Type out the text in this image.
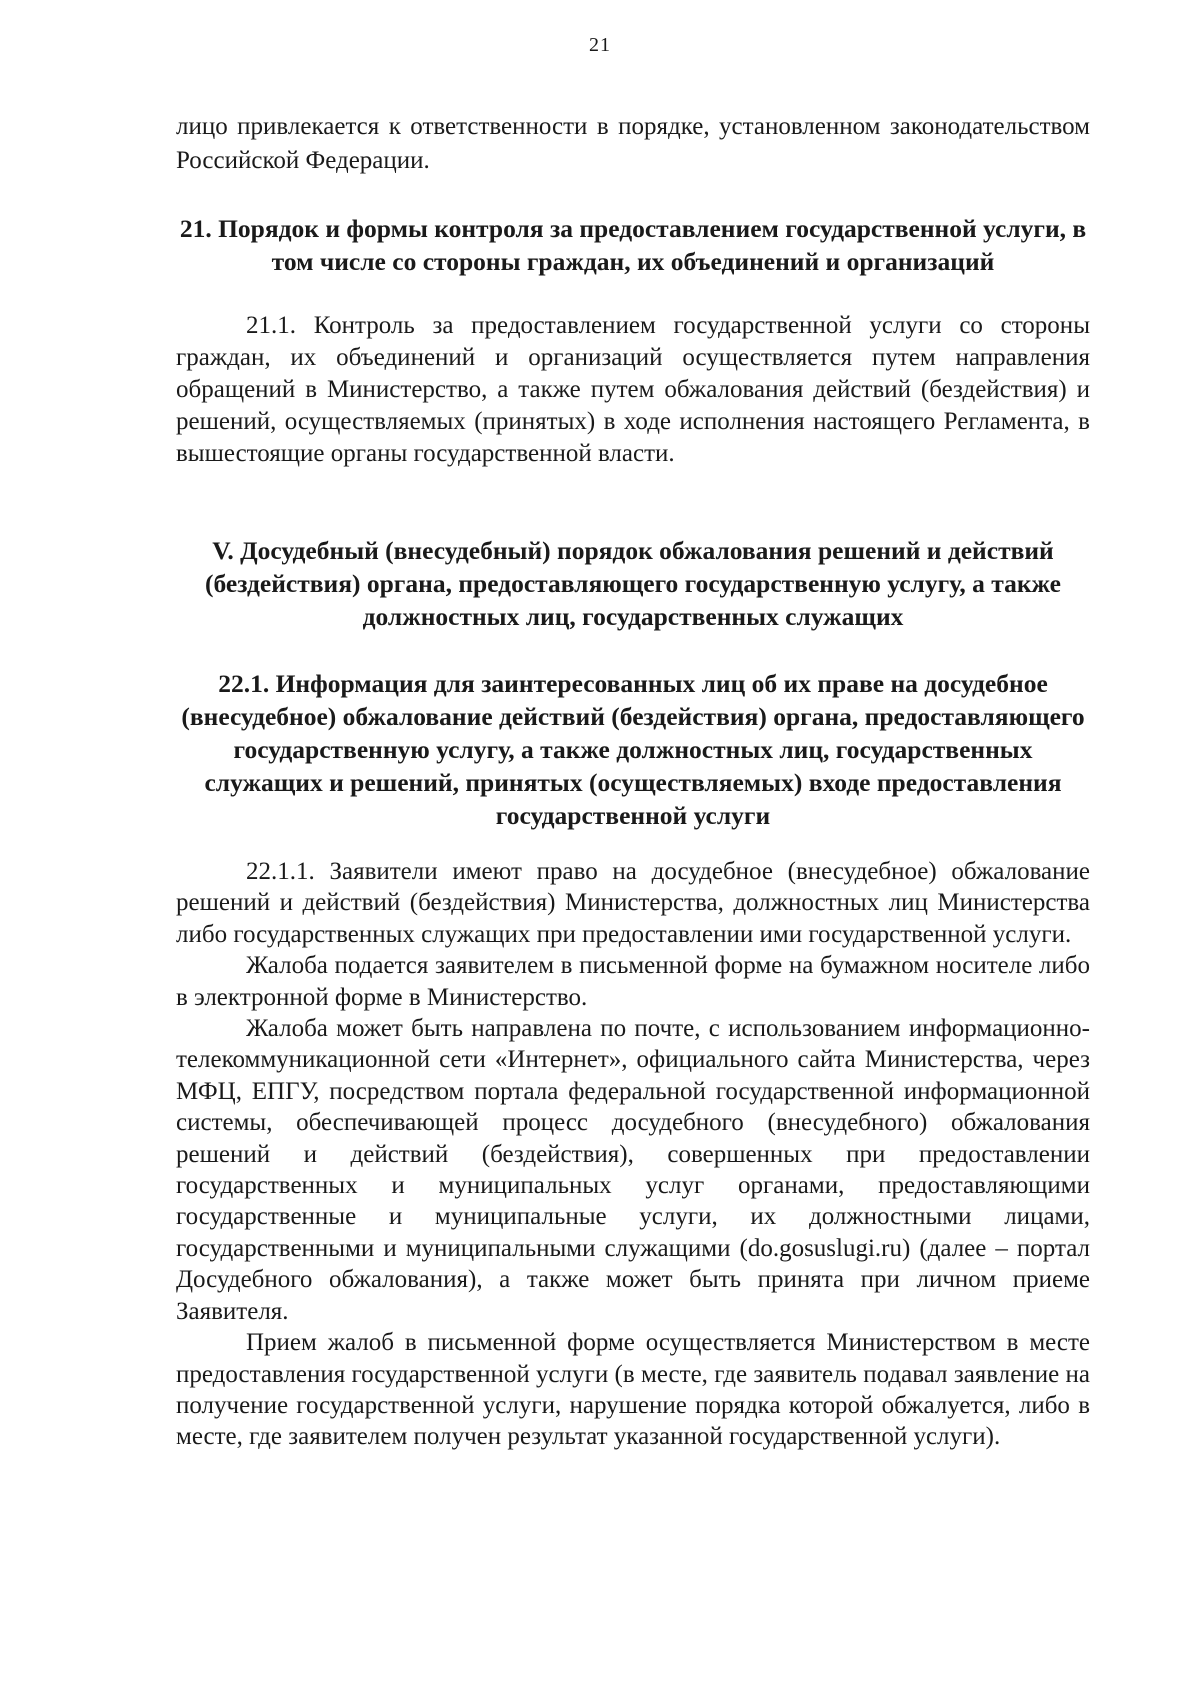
21

лицо привлекается к ответственности в порядке, установленном законодательством Российской Федерации.

21. Порядок и формы контроля за предоставлением государственной услуги, в том числе со стороны граждан, их объединений и организаций

21.1. Контроль за предоставлением государственной услуги со стороны граждан, их объединений и организаций осуществляется путем направления обращений в Министерство, а также путем обжалования действий (бездействия) и решений, осуществляемых (принятых) в ходе исполнения настоящего Регламента, в вышестоящие органы государственной власти.

V. Досудебный (внесудебный) порядок обжалования решений и действий (бездействия) органа, предоставляющего государственную услугу, а также должностных лиц, государственных служащих

22.1. Информация для заинтересованных лиц об их праве на досудебное (внесудебное) обжалование действий (бездействия) органа, предоставляющего государственную услугу, а также должностных лиц, государственных служащих и решений, принятых (осуществляемых) входе предоставления государственной услуги

22.1.1. Заявители имеют право на досудебное (внесудебное) обжалование решений и действий (бездействия) Министерства, должностных лиц Министерства либо государственных служащих при предоставлении ими государственной услуги.

Жалоба подается заявителем в письменной форме на бумажном носителе либо в электронной форме в Министерство.

Жалоба может быть направлена по почте, с использованием информационно-телекоммуникационной сети «Интернет», официального сайта Министерства, через МФЦ, ЕПГУ, посредством портала федеральной государственной информационной системы, обеспечивающей процесс досудебного (внесудебного) обжалования решений и действий (бездействия), совершенных при предоставлении государственных и муниципальных услуг органами, предоставляющими государственные и муниципальные услуги, их должностными лицами, государственными и муниципальными служащими (do.gosuslugi.ru) (далее – портал Досудебного обжалования), а также может быть принята при личном приеме Заявителя.

Прием жалоб в письменной форме осуществляется Министерством в месте предоставления государственной услуги (в месте, где заявитель подавал заявление на получение государственной услуги, нарушение порядка которой обжалуется, либо в месте, где заявителем получен результат указанной государственной услуги).
